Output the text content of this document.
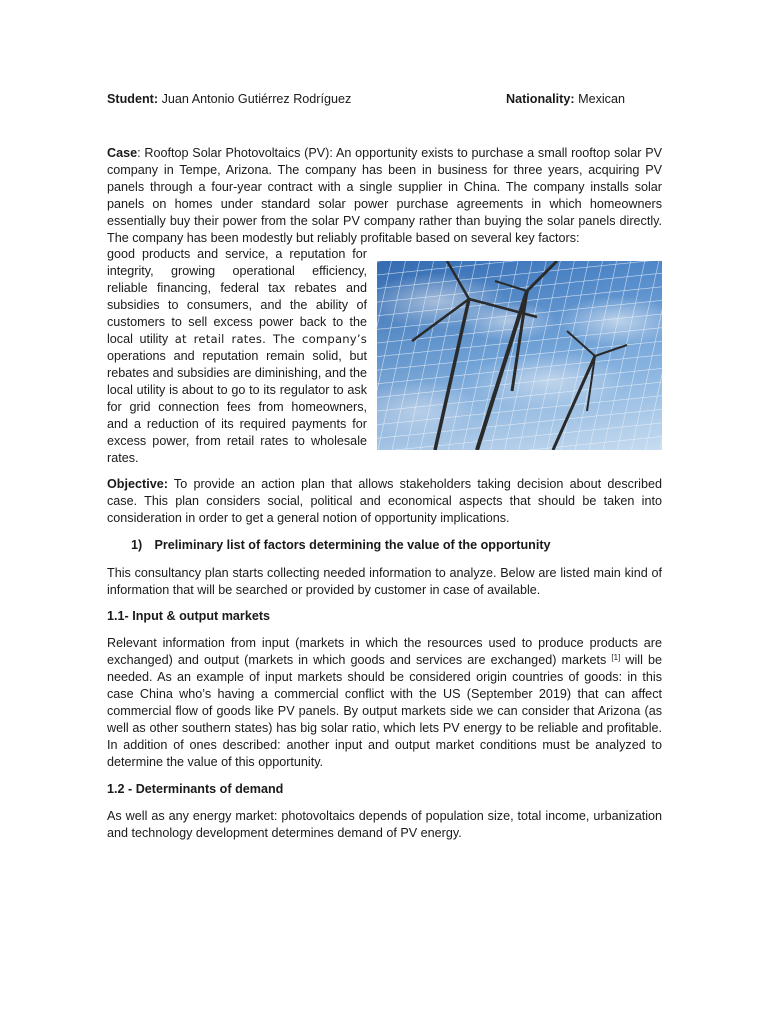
Student: Juan Antonio Gutiérrez Rodríguez	Nationality: Mexican

Case: Rooftop Solar Photovoltaics (PV): An opportunity exists to purchase a small rooftop solar PV company in Tempe, Arizona. The company has been in business for three years, acquiring PV panels through a four-year contract with a single supplier in China. The company installs solar panels on homes under standard solar power purchase agreements in which homeowners essentially buy their power from the solar PV company rather than buying the solar panels directly. The company has been modestly but reliably profitable based on several key factors:

good products and service, a reputation for integrity, growing operational efficiency, reliable financing, federal tax rebates and subsidies to consumers, and the ability of customers to sell excess power back to the local utility at retail rates. The company’s operations and reputation remain solid, but rebates and subsidies are diminishing, and the local utility is about to go to its regulator to ask for grid connection fees from homeowners, and a reduction of its required payments for excess power, from retail rates to wholesale rates.

Objective: To provide an action plan that allows stakeholders taking decision about described case. This plan considers social, political and economical aspects that should be taken into consideration in order to get a general notion of opportunity implications.

1) Preliminary list of factors determining the value of the opportunity

This consultancy plan starts collecting needed information to analyze. Below are listed main kind of information that will be searched or provided by customer in case of available.

1.1- Input & output markets

Relevant information from input (markets in which the resources used to produce products are exchanged) and output (markets in which goods and services are exchanged) markets [1] will be needed. As an example of input markets should be considered origin countries of goods: in this case China who’s having a commercial conflict with the US (September 2019) that can affect commercial flow of goods like PV panels. By output markets side we can consider that Arizona (as well as other southern states) has big solar ratio, which lets PV energy to be reliable and profitable. In addition of ones described: another input and output market conditions must be analyzed to determine the value of this opportunity.

1.2 - Determinants of demand

As well as any energy market: photovoltaics depends of population size, total income, urbanization and technology development determines demand of PV energy.
